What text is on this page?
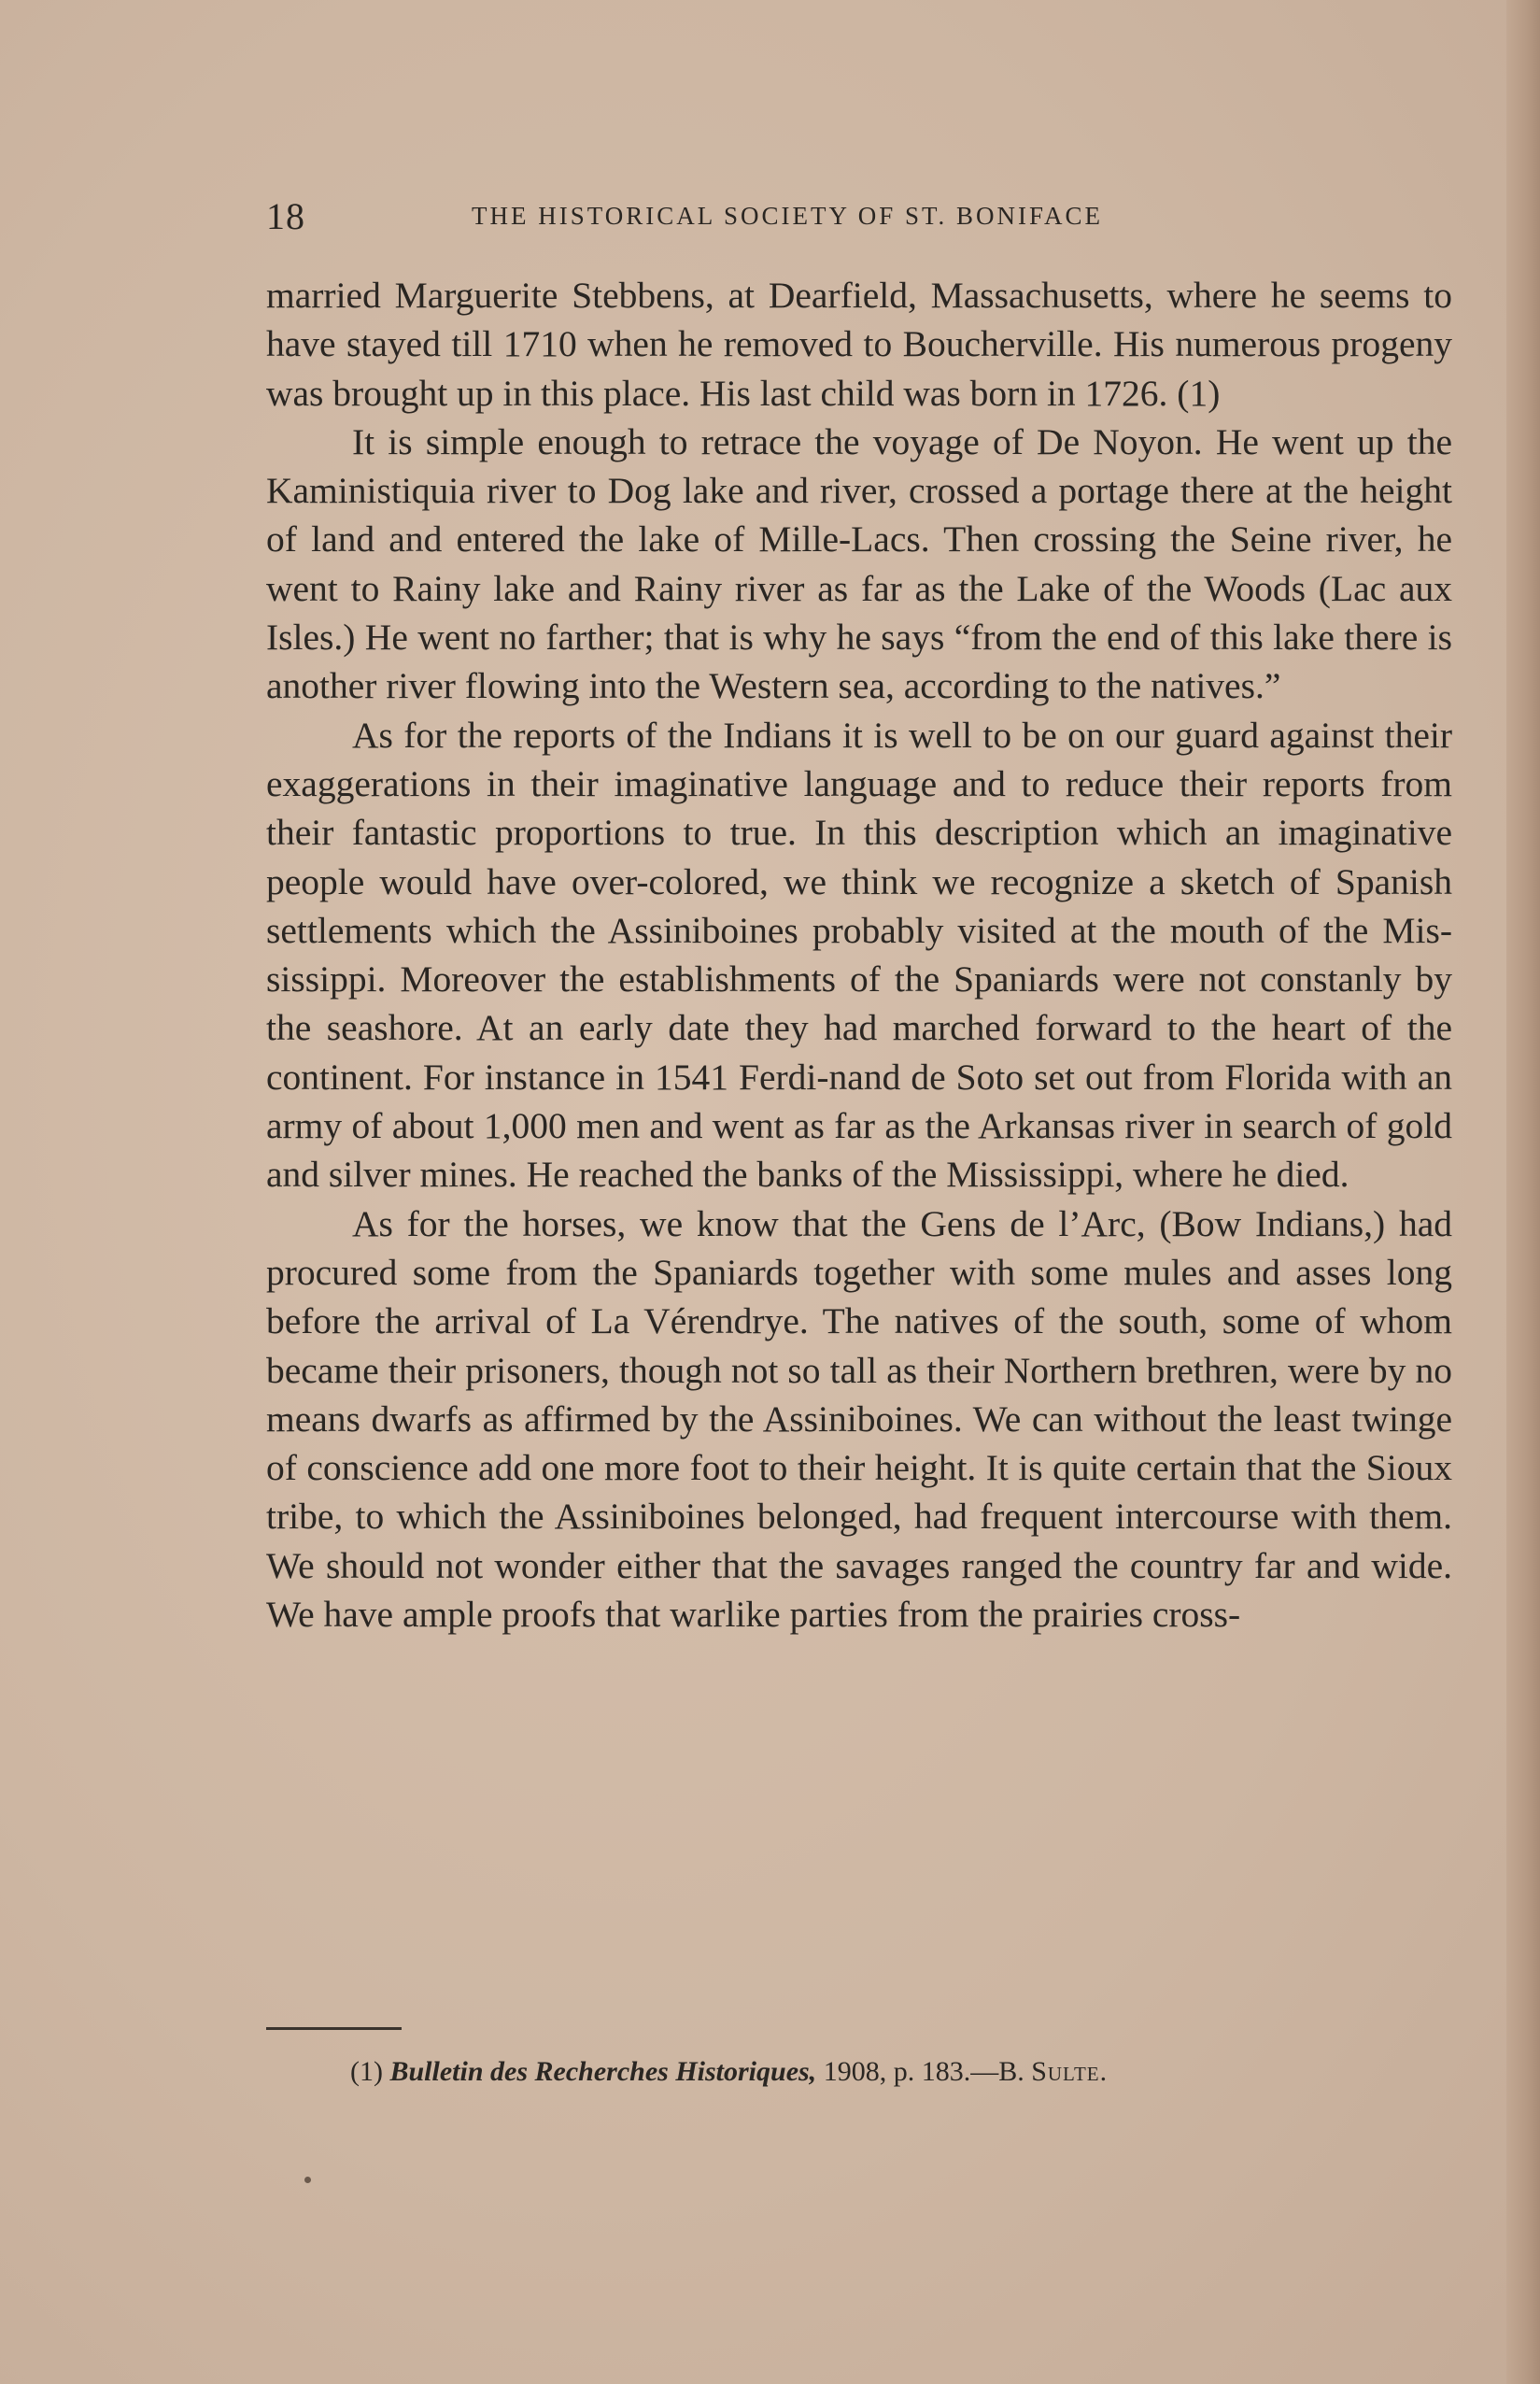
18	THE HISTORICAL SOCIETY OF ST. BONIFACE

married Marguerite Stebbens, at Dearfield, Massachusetts, where he seems to have stayed till 1710 when he removed to Boucherville. His numerous progeny was brought up in this place. His last child was born in 1726. (1)

It is simple enough to retrace the voyage of De Noyon. He went up the Kaministiquia river to Dog lake and river, crossed a portage there at the height of land and entered the lake of Mille-Lacs. Then crossing the Seine river, he went to Rainy lake and Rainy river as far as the Lake of the Woods (Lac aux Isles.) He went no farther; that is why he says “from the end of this lake there is another river flowing into the Western sea, according to the natives.”

As for the reports of the Indians it is well to be on our guard against their exaggerations in their imaginative language and to reduce their reports from their fantastic proportions to true. In this description which an imaginative people would have over-colored, we think we recognize a sketch of Spanish settlements which the Assiniboines probably visited at the mouth of the Mis-sissippi. Moreover the establishments of the Spaniards were not constanly by the seashore. At an early date they had marched forward to the heart of the continent. For instance in 1541 Ferdi-nand de Soto set out from Florida with an army of about 1,000 men and went as far as the Arkansas river in search of gold and silver mines. He reached the banks of the Mississippi, where he died.

As for the horses, we know that the Gens de l’Arc, (Bow Indians,) had procured some from the Spaniards together with some mules and asses long before the arrival of La Vérendrye. The natives of the south, some of whom became their prisoners, though not so tall as their Northern brethren, were by no means dwarfs as affirmed by the Assiniboines. We can without the least twinge of conscience add one more foot to their height. It is quite certain that the Sioux tribe, to which the Assiniboines belonged, had frequent intercourse with them. We should not wonder either that the savages ranged the country far and wide. We have ample proofs that warlike parties from the prairies cross-

(1) Bulletin des Recherches Historiques, 1908, p. 183.—B. Sulte.
